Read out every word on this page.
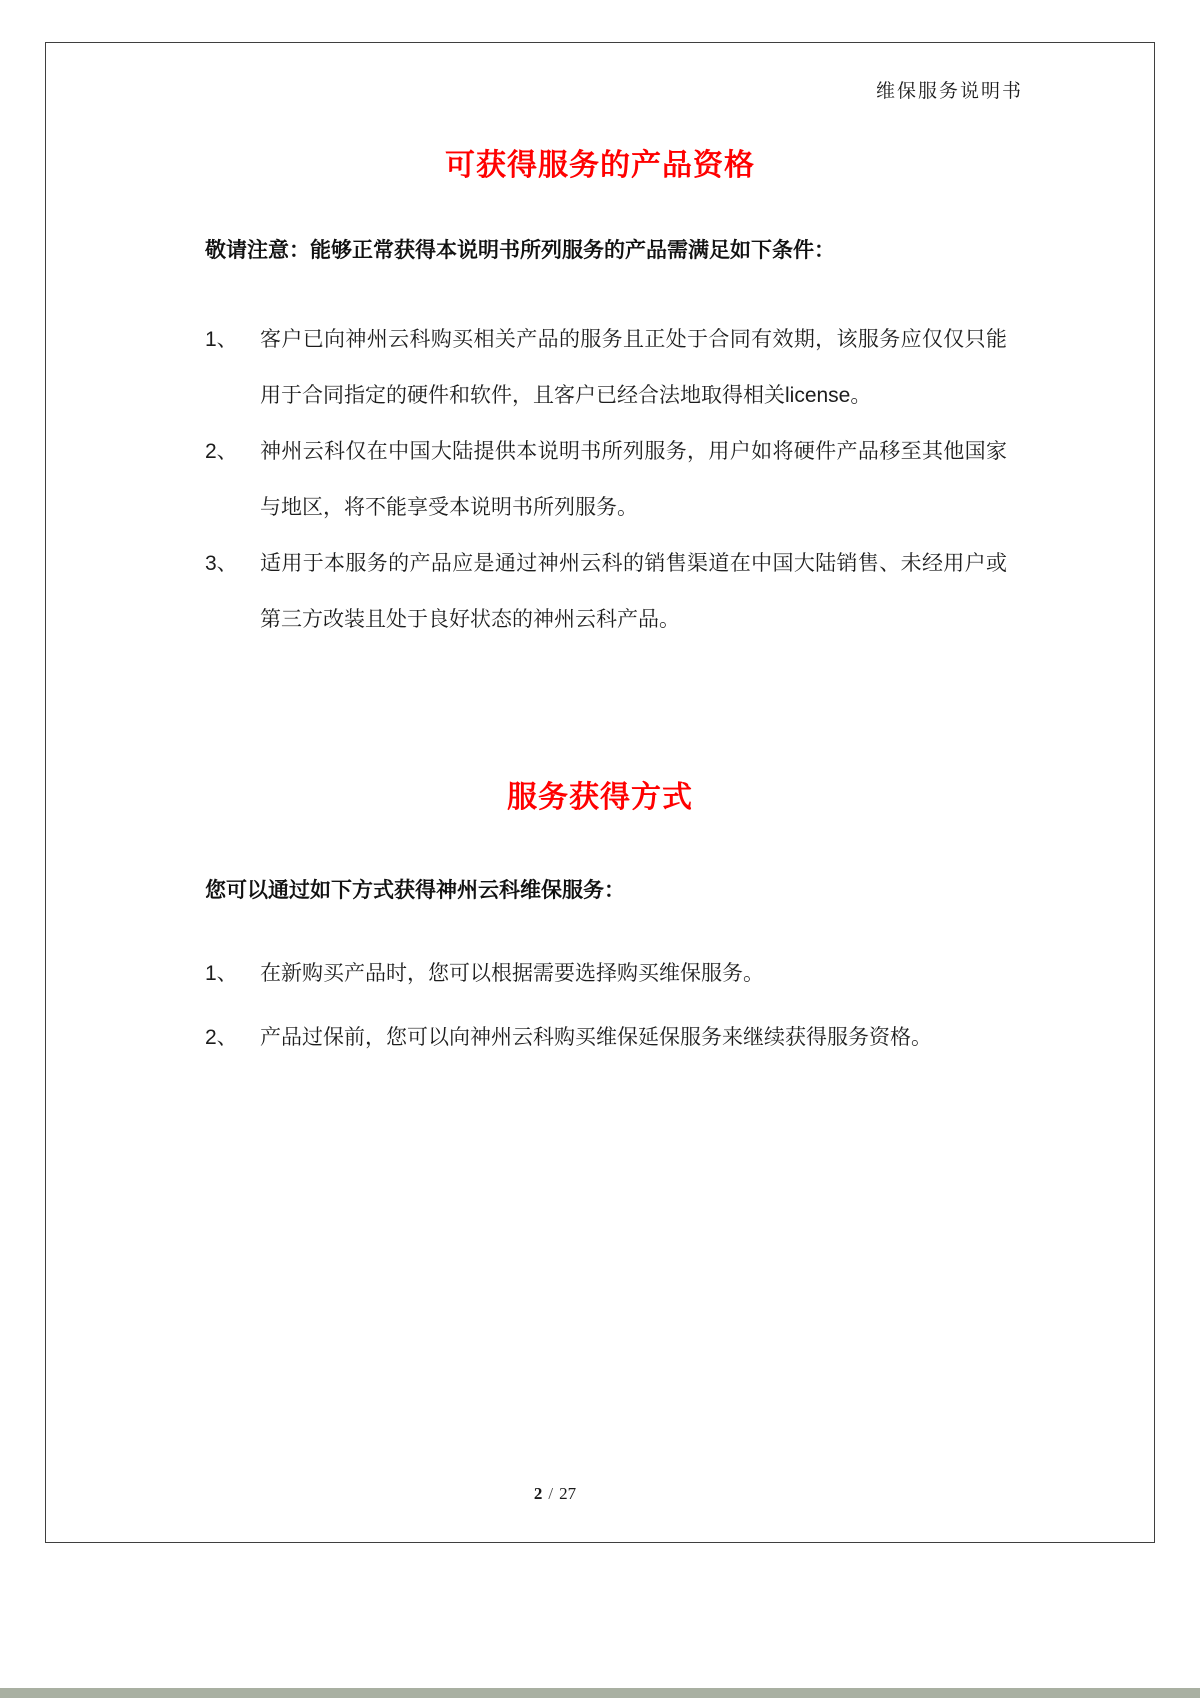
维保服务说明书
可获得服务的产品资格
敬请注意：能够正常获得本说明书所列服务的产品需满足如下条件：
1、	客户已向神州云科购买相关产品的服务且正处于合同有效期，该服务应仅仅只能用于合同指定的硬件和软件，且客户已经合法地取得相关license。
2、	神州云科仅在中国大陆提供本说明书所列服务，用户如将硬件产品移至其他国家与地区，将不能享受本说明书所列服务。
3、	适用于本服务的产品应是通过神州云科的销售渠道在中国大陆销售、未经用户或第三方改装且处于良好状态的神州云科产品。
服务获得方式
您可以通过如下方式获得神州云科维保服务：
1、	在新购买产品时，您可以根据需要选择购买维保服务。
2、	产品过保前，您可以向神州云科购买维保延保服务来继续获得服务资格。
2 / 27
